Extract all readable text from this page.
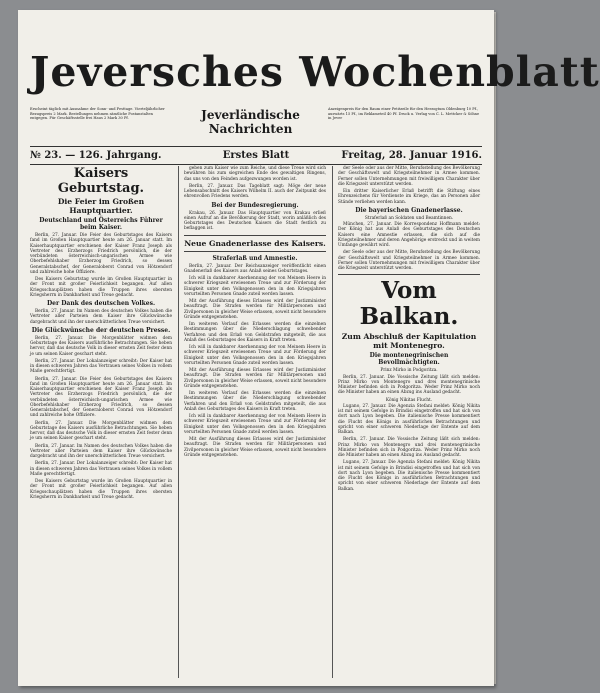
Jeversches Wochenblatt
Erscheint täglich mit Ausnahme der Sonn- und Festtage. Vierteljährlicher Bezugspreis 2 Mark. Bestellungen nehmen sämtliche Postanstalten entgegen. Für Geschäftsstelle frei Haus 2 Mark 30 Pf.	Jeverländische Nachrichten
Anzeigenpreis für den Raum einer Petitzeile für den Herzogtum Oldenburg 10 Pf., auswärts 15 Pf., im Reklameteil 40 Pf. Druck u. Verlag von C. L. Mettcker & Söhne in Jever
№ 23. — 126. Jahrgang.	Erstes Blatt	Freitag, 28. Januar 1916.
Kaisers Geburtstag.
Die Feier im Großen Hauptquartier.
Deutschland und Österreichs Führer beim Kaiser.

Berlin, 27. Januar. Die Feier des Geburtstages des Kaisers fand im Großen Hauptquartier heute am 26. Januar statt. Im Kaiserhauptquartier erschienen der Kaiser Franz Joseph als Vertreter des Erzherzogs Friedrich persönlich, die der verbündeten österreichisch-ungarischen Armee wie Oberbefehlshaber Erzherzog Friedrich, so dessen Generalstabschef, der Generaloberst Conrad von Hötzendorf und zahlreiche hohe Offiziere.

Des Kaisers Geburtstag wurde im Großen Hauptquartier in der Front mit großer Feierlichkeit begangen. Auf allen Kriegsschauplätzen haben die Truppen ihres obersten Kriegsherrn in Dankbarkeit und Treue gedacht.

Der Dank des deutschen Volkes.

Berlin, 27. Januar. Im Namen des deutschen Volkes haben die Vertreter aller Parteien dem Kaiser ihre Glückwünsche dargebracht und ihn der unerschütterlichen Treue versichert.

Die Glückwünsche der deutschen Presse.

Berlin, 27. Januar. Die Morgenblätter widmen dem Geburtstage des Kaisers ausführliche Betrachtungen. Sie heben hervor, daß das deutsche Volk in dieser ernsten Zeit fester denn je um seinen Kaiser geschart steht.

Berlin, 27. Januar. Der Lokalanzeiger schreibt: Der Kaiser hat in diesen schweren Jahren das Vertrauen seines Volkes in vollem Maße gerechtfertigt.

Berlin, 27. Januar. Die Feier des Geburtstages des Kaisers fand im Großen Hauptquartier heute am 26. Januar statt. Im Kaiserhauptquartier erschienen der Kaiser Franz Joseph als Vertreter des Erzherzogs Friedrich persönlich, die der verbündeten österreichisch-ungarischen Armee wie Oberbefehlshaber Erzherzog Friedrich, so dessen Generalstabschef, der Generaloberst Conrad von Hötzendorf und zahlreiche hohe Offiziere.

Berlin, 27. Januar. Die Morgenblätter widmen dem Geburtstage des Kaisers ausführliche Betrachtungen. Sie heben hervor, daß das deutsche Volk in dieser ernsten Zeit fester denn je um seinen Kaiser geschart steht.

Berlin, 27. Januar. Im Namen des deutschen Volkes haben die Vertreter aller Parteien dem Kaiser ihre Glückwünsche dargebracht und ihn der unerschütterlichen Treue versichert.

Berlin, 27. Januar. Der Lokalanzeiger schreibt: Der Kaiser hat in diesen schweren Jahren das Vertrauen seines Volkes in vollem Maße gerechtfertigt.

Des Kaisers Geburtstag wurde im Großen Hauptquartier in der Front mit großer Feierlichkeit begangen. Auf allen Kriegsschauplätzen haben die Truppen ihres obersten Kriegsherrn in Dankbarkeit und Treue gedacht.

geben zum Kaiser wie zum Reiche, und diese Treue wird sich bewähren bis zum siegreichen Ende des gewaltigen Ringens, das uns von den Feinden aufgezwungen worden ist.

Berlin, 27. Januar. Das Tageblatt sagt: Möge der neue Lebensabschnitt des Kaisers Wilhelm II. auch der Zeitpunkt des ehrenvollen Friedens werden.

Bei der Bundesregierung.

Krakau, 26. Januar. Das Hauptquartier von Krakau erließ einen Aufruf an die Bevölkerung der Stadt, worin anläßlich des Geburtstages des Deutschen Kaisers die Stadt festlich zu beflaggen ist.

Neue Gnadenerlasse des Kaisers.
Straferlaß und Amnestie.

Berlin, 27. Januar. Der Reichsanzeiger veröffentlicht einen Gnadenerlaß des Kaisers aus Anlaß seines Geburtstages.

Ich will in dankbarer Anerkennung der von Meinem Heere in schwerer Kriegszeit erwiesenen Treue und zur Förderung der Einigkeit unter den Volksgenossen den in den Kriegsjahren verurteilten Personen Gnade zuteil werden lassen.

Mit der Ausführung dieses Erlasses wird der Justizminister beauftragt. Die Strafen werden für Militärpersonen und Zivilpersonen in gleicher Weise erlassen, soweit nicht besondere Gründe entgegenstehen.

Im weiteren Verlauf des Erlasses werden die einzelnen Bestimmungen über die Niederschlagung schwebender Verfahren und den Erlaß von Geldstrafen mitgeteilt, die aus Anlaß des Geburtstages des Kaisers in Kraft treten.

Ich will in dankbarer Anerkennung der von Meinem Heere in schwerer Kriegszeit erwiesenen Treue und zur Förderung der Einigkeit unter den Volksgenossen den in den Kriegsjahren verurteilten Personen Gnade zuteil werden lassen.

Mit der Ausführung dieses Erlasses wird der Justizminister beauftragt. Die Strafen werden für Militärpersonen und Zivilpersonen in gleicher Weise erlassen, soweit nicht besondere Gründe entgegenstehen.

Im weiteren Verlauf des Erlasses werden die einzelnen Bestimmungen über die Niederschlagung schwebender Verfahren und den Erlaß von Geldstrafen mitgeteilt, die aus Anlaß des Geburtstages des Kaisers in Kraft treten.

Ich will in dankbarer Anerkennung der von Meinem Heere in schwerer Kriegszeit erwiesenen Treue und zur Förderung der Einigkeit unter den Volksgenossen den in den Kriegsjahren verurteilten Personen Gnade zuteil werden lassen.

Mit der Ausführung dieses Erlasses wird der Justizminister beauftragt. Die Strafen werden für Militärpersonen und Zivilpersonen in gleicher Weise erlassen, soweit nicht besondere Gründe entgegenstehen.

der Seele oder aus der Mitte, Berufsstellung des Bevölkerung der Geschäftswelt und Kriegsteilnehmer in Armee kommen. Ferner sollen Unternehmungen mit freiwilligem Charakter über die Kriegszeit unterstützt werden.

Ein dritter Kaiserlicher Erlaß betrifft die Stiftung eines Ehrenzeichens für Verdienste im Kriege, das an Personen aller Stände verliehen werden kann.

Die bayerischen Gnadenerlasse.
Straferlaß an Soldaten und Beamtinnen.

München, 27. Januar. Die Korrespondenz Hoffmann meldet: Der König hat aus Anlaß des Geburtstages des Deutschen Kaisers eine Amnestie erlassen, die sich auf die Kriegsteilnehmer und deren Angehörige erstreckt und in weitem Umfange gewährt wird.

der Seele oder aus der Mitte, Berufsstellung des Bevölkerung der Geschäftswelt und Kriegsteilnehmer in Armee kommen. Ferner sollen Unternehmungen mit freiwilligem Charakter über die Kriegszeit unterstützt werden.

Vom Balkan.
Zum Abschluß der Kapitulation mit Montenegro.
Die montenegrinischen Bevollmächtigten.
Prinz Mirko in Podgoritza.

Berlin, 27. Januar. Die Vossische Zeitung läßt sich melden: Prinz Mirko von Montenegro und drei montenegrinische Minister befinden sich in Podgoritza. Weder Prinz Mirko noch die Minister haben an einen Abzug ins Ausland gedacht.

König Nikitas Flucht.

Lugano, 27. Januar. Die Agenzia Stefani meldet: König Nikita ist mit seinem Gefolge in Brindisi eingetroffen und hat sich von dort nach Lyon begeben. Die italienische Presse kommentiert die Flucht des Königs in ausführlichen Betrachtungen und spricht von einer schweren Niederlage der Entente auf dem Balkan.

Berlin, 27. Januar. Die Vossische Zeitung läßt sich melden: Prinz Mirko von Montenegro und drei montenegrinische Minister befinden sich in Podgoritza. Weder Prinz Mirko noch die Minister haben an einen Abzug ins Ausland gedacht.

Lugano, 27. Januar. Die Agenzia Stefani meldet: König Nikita ist mit seinem Gefolge in Brindisi eingetroffen und hat sich von dort nach Lyon begeben. Die italienische Presse kommentiert die Flucht des Königs in ausführlichen Betrachtungen und spricht von einer schweren Niederlage der Entente auf dem Balkan.
